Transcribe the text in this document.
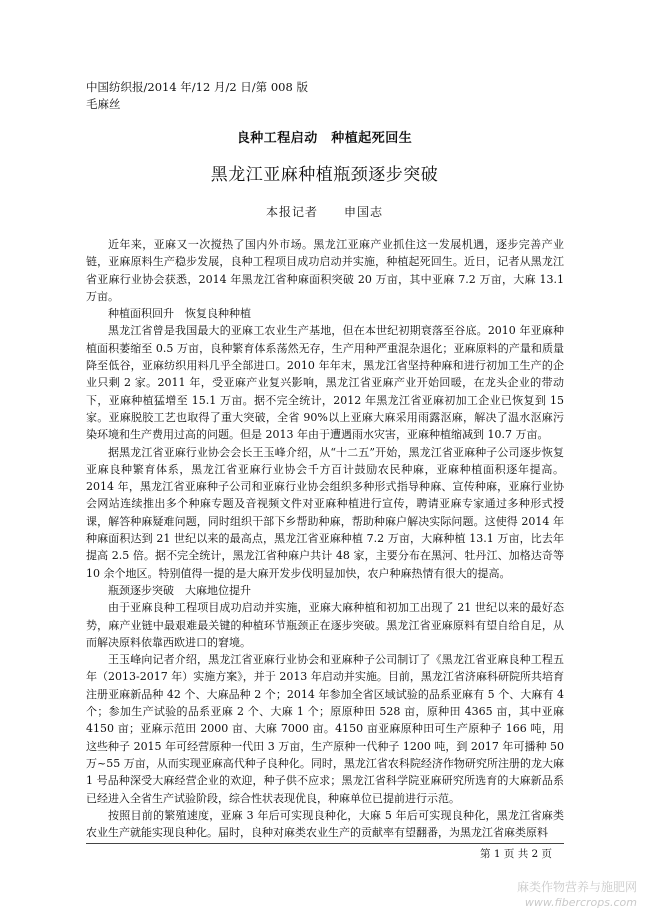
中国纺织报/2014 年/12 月/2 日/第 008 版
毛麻丝
良种工程启动　种植起死回生
黑龙江亚麻种植瓶颈逐步突破
本报记者　　申国志

近年来，亚麻又一次搅热了国内外市场。黑龙江亚麻产业抓住这一发展机遇，逐步完善产业链，亚麻原料生产稳步发展，良种工程项目成功启动并实施，种植起死回生。近日，记者从黑龙江省亚麻行业协会获悉，2014 年黑龙江省种麻面积突破 20 万亩，其中亚麻 7.2 万亩，大麻 13.1 万亩。

种植面积回升　恢复良种种植

黑龙江省曾是我国最大的亚麻工农业生产基地，但在本世纪初期衰落至谷底。2010 年亚麻种植面积萎缩至 0.5 万亩，良种繁育体系荡然无存，生产用种严重混杂退化；亚麻原料的产量和质量降至低谷，亚麻纺织用料几乎全部进口。2010 年年末，黑龙江省坚持种麻和进行初加工生产的企业只剩 2 家。2011 年，受亚麻产业复兴影响，黑龙江省亚麻产业开始回暖，在龙头企业的带动下，亚麻种植猛增至 15.1 万亩。据不完全统计，2012 年黑龙江省亚麻初加工企业已恢复到 15 家。亚麻脱胶工艺也取得了重大突破，全省 90%以上亚麻大麻采用雨露沤麻，解决了温水沤麻污染环境和生产费用过高的问题。但是 2013 年由于遭遇雨水灾害，亚麻种植缩减到 10.7 万亩。

据黑龙江省亚麻行业协会会长王玉峰介绍，从“十二五”开始，黑龙江省亚麻种子公司逐步恢复亚麻良种繁育体系，黑龙江省亚麻行业协会千方百计鼓励农民种麻，亚麻种植面积逐年提高。2014 年，黑龙江省亚麻种子公司和亚麻行业协会组织多种形式指导种麻、宣传种麻，亚麻行业协会网站连续推出多个种麻专题及音视频文件对亚麻种植进行宣传，聘请亚麻专家通过多种形式授课，解答种麻疑难问题，同时组织干部下乡帮助种麻，帮助种麻户解决实际问题。这使得 2014 年种麻面积达到 21 世纪以来的最高点，黑龙江省亚麻种植 7.2 万亩，大麻种植 13.1 万亩，比去年提高 2.5 倍。据不完全统计，黑龙江省种麻户共计 48 家，主要分布在黑河、牡丹江、加格达奇等 10 余个地区。特别值得一提的是大麻开发步伐明显加快，农户种麻热情有很大的提高。

瓶颈逐步突破　大麻地位提升

由于亚麻良种工程项目成功启动并实施，亚麻大麻种植和初加工出现了 21 世纪以来的最好态势，麻产业链中最艰难最关键的种植环节瓶颈正在逐步突破。黑龙江省亚麻原料有望自给自足，从而解决原料依靠西欧进口的窘境。

王玉峰向记者介绍，黑龙江省亚麻行业协会和亚麻种子公司制订了《黑龙江省亚麻良种工程五年（2013-2017 年）实施方案》，并于 2013 年启动并实施。目前，黑龙江省济麻科研院所共培育注册亚麻新品种 42 个、大麻品种 2 个；2014 年参加全省区域试验的品系亚麻有 5 个、大麻有 4 个；参加生产试验的品系亚麻 2 个、大麻 1 个；原原种田 528 亩，原种田 4365 亩，其中亚麻 4150 亩；亚麻示范田 2000 亩、大麻 7000 亩。4150 亩亚麻原种田可生产原种子 166 吨，用这些种子 2015 年可经营原种一代田 3 万亩，生产原种一代种子 1200 吨，到 2017 年可播种 50 万~55 万亩，从而实现亚麻高代种子良种化。同时，黑龙江省农科院经济作物研究所注册的龙大麻 1 号品种深受大麻经营企业的欢迎，种子供不应求；黑龙江省科学院亚麻研究所选育的大麻新品系已经进入全省生产试验阶段，综合性状表现优良，种麻单位已提前进行示范。

按照目前的繁殖速度，亚麻 3 年后可实现良种化，大麻 5 年后可实现良种化，黑龙江省麻类农业生产就能实现良种化。届时，良种对麻类农业生产的贡献率有望翻番，为黑龙江省麻类原料

第 1 页 共 2 页
麻类作物营养与施肥网
www.fibercrops.com
